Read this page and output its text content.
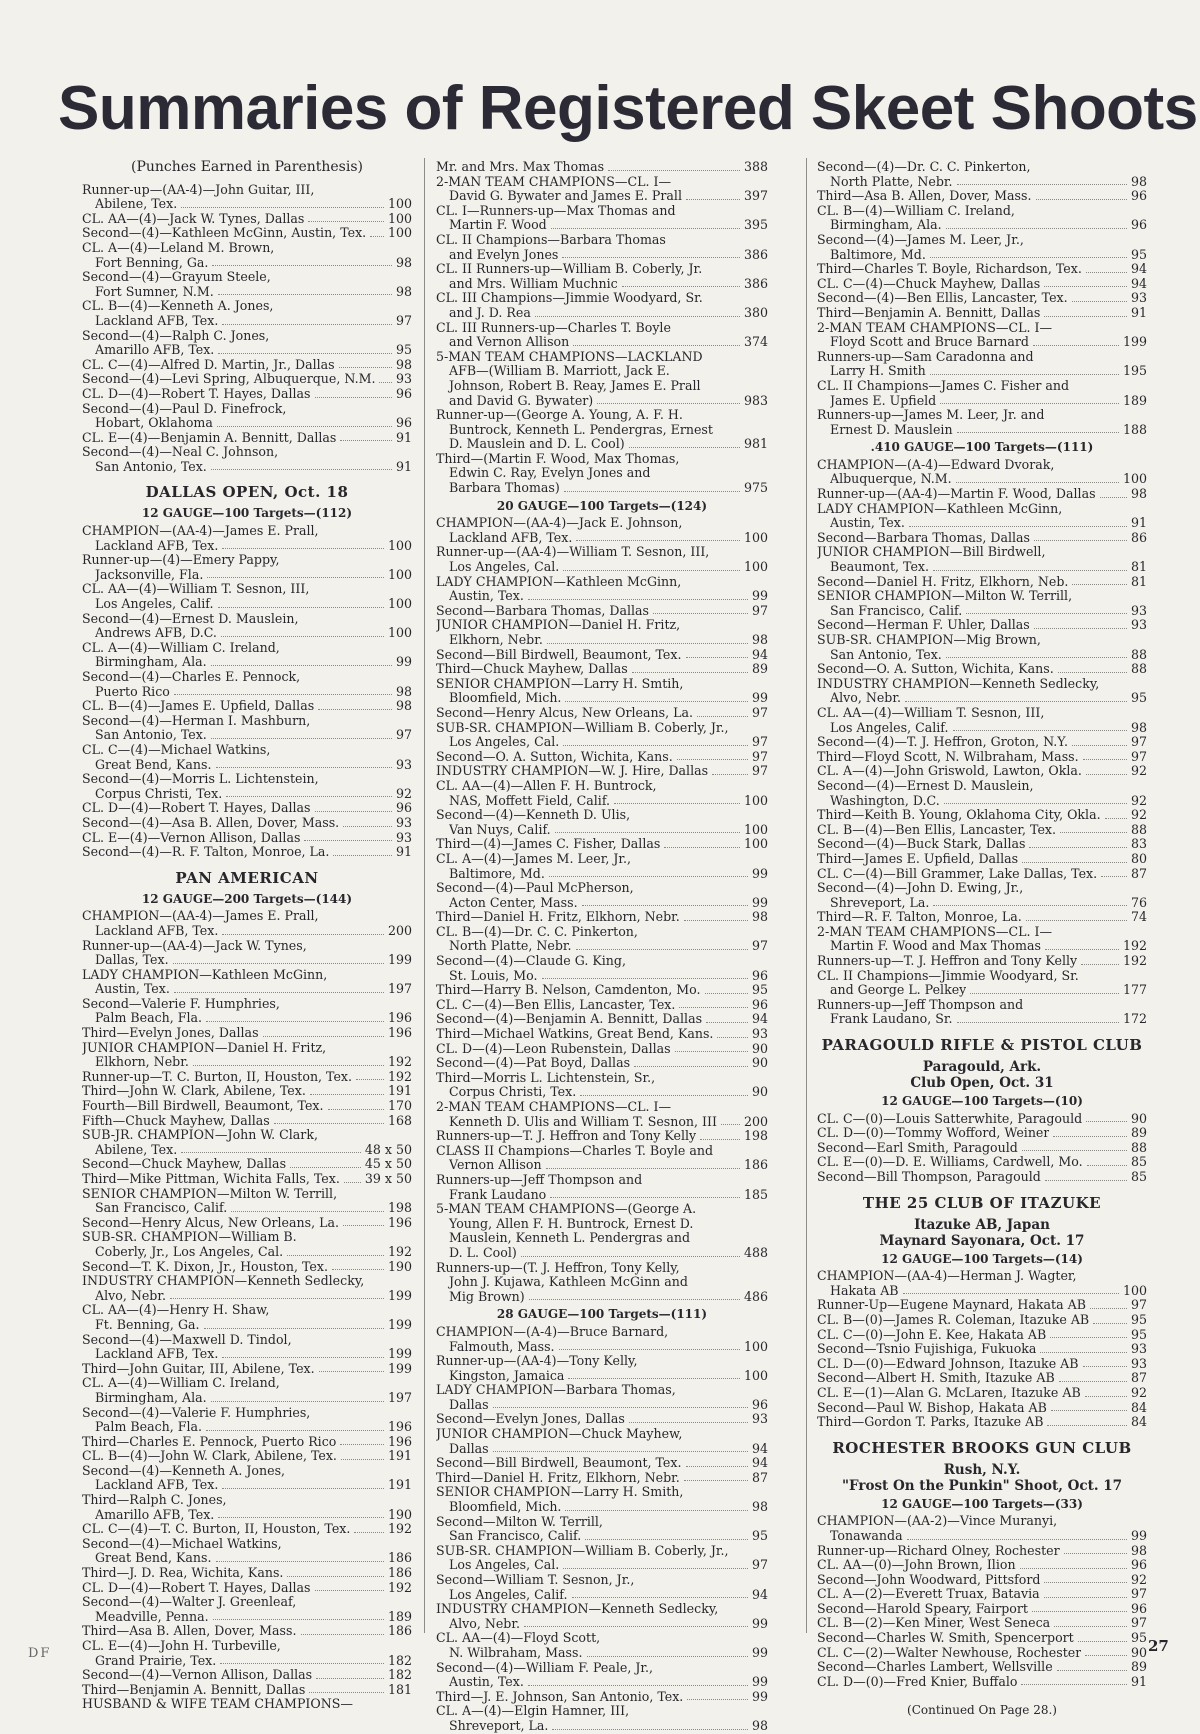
Summaries of Registered Skeet Shoots
(Punches Earned in Parenthesis)
Runner-up—(AA-4)—John Guitar, III,
Abilene, Tex.	100
CL. AA—(4)—Jack W. Tynes, Dallas	100
Second—(4)—Kathleen McGinn, Austin, Tex. 100
CL. A—(4)—Leland M. Brown,
Fort Benning, Ga.	98
Second—(4)—Grayum Steele,
Fort Sumner, N.M.	98
CL. B—(4)—Kenneth A. Jones,
Lackland AFB, Tex.	97
Second—(4)—Ralph C. Jones,
Amarillo AFB, Tex.	95
CL. C—(4)—Alfred D. Martin, Jr., Dallas	98
Second—(4)—Levi Spring, Albuquerque, N.M. 93
CL. D—(4)—Robert T. Hayes, Dallas	96
Second—(4)—Paul D. Finefrock,
Hobart, Oklahoma	96
CL. E—(4)—Benjamin A. Bennitt, Dallas	91
Second—(4)—Neal C. Johnson,
San Antonio, Tex.	91
DALLAS OPEN, Oct. 18
12 GAUGE—100 Targets—(112)
CHAMPION—(AA-4)—James E. Prall,
Lackland AFB, Tex.	100
Runner-up—(4)—Emery Pappy,
Jacksonville, Fla.	100
CL. AA—(4)—William T. Sesnon, III,
Los Angeles, Calif.	100
Second—(4)—Ernest D. Mauslein,
Andrews AFB, D.C.	100
CL. A—(4)—William C. Ireland,
Birmingham, Ala.	99
Second—(4)—Charles E. Pennock,
Puerto Rico	98
CL. B—(4)—James E. Upfield, Dallas	98
Second—(4)—Herman I. Mashburn,
San Antonio, Tex.	97
CL. C—(4)—Michael Watkins,
Great Bend, Kans.	93
Second—(4)—Morris L. Lichtenstein,
Corpus Christi, Tex.	92
CL. D—(4)—Robert T. Hayes, Dallas	96
Second—(4)—Asa B. Allen, Dover, Mass.	93
CL. E—(4)—Vernon Allison, Dallas	93
Second—(4)—R. F. Talton, Monroe, La.	91
PAN AMERICAN
12 GAUGE—200 Targets—(144)
CHAMPION—(AA-4)—James E. Prall,
Lackland AFB, Tex.	200
Runner-up—(AA-4)—Jack W. Tynes,
Dallas, Tex.	199
LADY CHAMPION—Kathleen McGinn,
Austin, Tex.	197
Second—Valerie F. Humphries,
Palm Beach, Fla.	196
Third—Evelyn Jones, Dallas	196
JUNIOR CHAMPION—Daniel H. Fritz,
Elkhorn, Nebr.	192
Runner-up—T. C. Burton, II, Houston, Tex.	192
Third—John W. Clark, Abilene, Tex.	191
Fourth—Bill Birdwell, Beaumont, Tex.	170
Fifth—Chuck Mayhew, Dallas	168
SUB-JR. CHAMPION—John W. Clark,
Abilene, Tex.	48 x 50
Second—Chuck Mayhew, Dallas	45 x 50
Third—Mike Pittman, Wichita Falls, Tex. 39 x 50
SENIOR CHAMPION—Milton W. Terrill,
San Francisco, Calif.	198
Second—Henry Alcus, New Orleans, La.	196
SUB-SR. CHAMPION—William B.
Coberly, Jr., Los Angeles, Cal.	192
Second—T. K. Dixon, Jr., Houston, Tex.	190
INDUSTRY CHAMPION—Kenneth Sedlecky,
Alvo, Nebr.	199
CL. AA—(4)—Henry H. Shaw,
Ft. Benning, Ga.	199
Second—(4)—Maxwell D. Tindol,
Lackland AFB, Tex.	199
Third—John Guitar, III, Abilene, Tex.	199
CL. A—(4)—William C. Ireland,
Birmingham, Ala.	197
Second—(4)—Valerie F. Humphries,
Palm Beach, Fla.	196
Third—Charles E. Pennock, Puerto Rico	196
CL. B—(4)—John W. Clark, Abilene, Tex.	191
Second—(4)—Kenneth A. Jones,
Lackland AFB, Tex.	191
Third—Ralph C. Jones,
Amarillo AFB, Tex.	190
CL. C—(4)—T. C. Burton, II, Houston, Tex.	192
Second—(4)—Michael Watkins,
Great Bend, Kans.	186
Third—J. D. Rea, Wichita, Kans.	186
CL. D—(4)—Robert T. Hayes, Dallas	192
Second—(4)—Walter J. Greenleaf,
Meadville, Penna.	189
Third—Asa B. Allen, Dover, Mass.	186
CL. E—(4)—John H. Turbeville,
Grand Prairie, Tex.	182
Second—(4)—Vernon Allison, Dallas	182
Third—Benjamin A. Bennitt, Dallas	181
HUSBAND & WIFE TEAM CHAMPIONS—
Mr. and Mrs. Max Thomas	388
2-MAN TEAM CHAMPIONS—CL. I—
David G. Bywater and James E. Prall	397
CL. I—Runners-up—Max Thomas and
Martin F. Wood	395
CL. II Champions—Barbara Thomas
and Evelyn Jones	386
CL. II Runners-up—William B. Coberly, Jr.
and Mrs. William Muchnic	386
CL. III Champions—Jimmie Woodyard, Sr.
and J. D. Rea	380
CL. III Runners-up—Charles T. Boyle
and Vernon Allison	374
5-MAN TEAM CHAMPIONS—LACKLAND
AFB—(William B. Marriott, Jack E.
Johnson, Robert B. Reay, James E. Prall
and David G. Bywater)	983
Runner-up—(George A. Young, A. F. H.
Buntrock, Kenneth L. Pendergras, Ernest
D. Mauslein and D. L. Cool)	981
Third—(Martin F. Wood, Max Thomas,
Edwin C. Ray, Evelyn Jones and
Barbara Thomas)	975
20 GAUGE—100 Targets—(124)
CHAMPION—(AA-4)—Jack E. Johnson,
Lackland AFB, Tex.	100
Runner-up—(AA-4)—William T. Sesnon, III,
Los Angeles, Cal.	100
LADY CHAMPION—Kathleen McGinn,
Austin, Tex.	99
Second—Barbara Thomas, Dallas	97
JUNIOR CHAMPION—Daniel H. Fritz,
Elkhorn, Nebr.	98
Second—Bill Birdwell, Beaumont, Tex.	94
Third—Chuck Mayhew, Dallas	89
SENIOR CHAMPION—Larry H. Smtih,
Bloomfield, Mich.	99
Second—Henry Alcus, New Orleans, La.	97
SUB-SR. CHAMPION—William B. Coberly, Jr.,
Los Angeles, Cal.	97
Second—O. A. Sutton, Wichita, Kans.	97
INDUSTRY CHAMPION—W. J. Hire, Dallas	97
CL. AA—(4)—Allen F. H. Buntrock,
NAS, Moffett Field, Calif.	100
Second—(4)—Kenneth D. Ulis,
Van Nuys, Calif.	100
Third—(4)—James C. Fisher, Dallas	100
CL. A—(4)—James M. Leer, Jr.,
Baltimore, Md.	99
Second—(4)—Paul McPherson,
Acton Center, Mass.	99
Third—Daniel H. Fritz, Elkhorn, Nebr.	98
CL. B—(4)—Dr. C. C. Pinkerton,
North Platte, Nebr.	97
Second—(4)—Claude G. King,
St. Louis, Mo.	96
Third—Harry B. Nelson, Camdenton, Mo.	95
CL. C—(4)—Ben Ellis, Lancaster, Tex.	96
Second—(4)—Benjamin A. Bennitt, Dallas	94
Third—Michael Watkins, Great Bend, Kans.	93
CL. D—(4)—Leon Rubenstein, Dallas	90
Second—(4)—Pat Boyd, Dallas	90
Third—Morris L. Lichtenstein, Sr.,
Corpus Christi, Tex.	90
2-MAN TEAM CHAMPIONS—CL. I—
Kenneth D. Ulis and William T. Sesnon, III 200
Runners-up—T. J. Heffron and Tony Kelly	198
CLASS II Champions—Charles T. Boyle and
Vernon Allison	186
Runners-up—Jeff Thompson and
Frank Laudano	185
5-MAN TEAM CHAMPIONS—(George A.
Young, Allen F. H. Buntrock, Ernest D.
Mauslein, Kenneth L. Pendergras and
D. L. Cool)	488
Runners-up—(T. J. Heffron, Tony Kelly,
John J. Kujawa, Kathleen McGinn and
Mig Brown)	486
28 GAUGE—100 Targets—(111)
CHAMPION—(A-4)—Bruce Barnard,
Falmouth, Mass.	100
Runner-up—(AA-4)—Tony Kelly,
Kingston, Jamaica	100
LADY CHAMPION—Barbara Thomas,
Dallas	96
Second—Evelyn Jones, Dallas	93
JUNIOR CHAMPION—Chuck Mayhew,
Dallas	94
Second—Bill Birdwell, Beaumont, Tex.	94
Third—Daniel H. Fritz, Elkhorn, Nebr.	87
SENIOR CHAMPION—Larry H. Smith,
Bloomfield, Mich.	98
Second—Milton W. Terrill,
San Francisco, Calif.	95
SUB-SR. CHAMPION—William B. Coberly, Jr.,
Los Angeles, Cal.	97
Second—William T. Sesnon, Jr.,
Los Angeles, Calif.	94
INDUSTRY CHAMPION—Kenneth Sedlecky,
Alvo, Nebr.	99
CL. AA—(4)—Floyd Scott,
N. Wilbraham, Mass.	99
Second—(4)—William F. Peale, Jr.,
Austin, Tex.	99
Third—J. E. Johnson, San Antonio, Tex.	99
CL. A—(4)—Elgin Hamner, III,
Shreveport, La.	98
Second—(4)—Dr. C. C. Pinkerton,
North Platte, Nebr.	98
Third—Asa B. Allen, Dover, Mass.	96
CL. B—(4)—William C. Ireland,
Birmingham, Ala.	96
Second—(4)—James M. Leer, Jr.,
Baltimore, Md.	95
Third—Charles T. Boyle, Richardson, Tex.	94
CL. C—(4)—Chuck Mayhew, Dallas	94
Second—(4)—Ben Ellis, Lancaster, Tex.	93
Third—Benjamin A. Bennitt, Dallas	91
2-MAN TEAM CHAMPIONS—CL. I—
Floyd Scott and Bruce Barnard	199
Runners-up—Sam Caradonna and
Larry H. Smith	195
CL. II Champions—James C. Fisher and
James E. Upfield	189
Runners-up—James M. Leer, Jr. and
Ernest D. Mauslein	188
.410 GAUGE—100 Targets—(111)
CHAMPION—(A-4)—Edward Dvorak,
Albuquerque, N.M.	100
Runner-up—(AA-4)—Martin F. Wood, Dallas	98
LADY CHAMPION—Kathleen McGinn,
Austin, Tex.	91
Second—Barbara Thomas, Dallas	86
JUNIOR CHAMPION—Bill Birdwell,
Beaumont, Tex.	81
Second—Daniel H. Fritz, Elkhorn, Neb.	81
SENIOR CHAMPION—Milton W. Terrill,
San Francisco, Calif.	93
Second—Herman F. Uhler, Dallas	93
SUB-SR. CHAMPION—Mig Brown,
San Antonio, Tex.	88
Second—O. A. Sutton, Wichita, Kans.	88
INDUSTRY CHAMPION—Kenneth Sedlecky,
Alvo, Nebr.	95
CL. AA—(4)—William T. Sesnon, III,
Los Angeles, Calif.	98
Second—(4)—T. J. Heffron, Groton, N.Y.	97
Third—Floyd Scott, N. Wilbraham, Mass.	97
CL. A—(4)—John Griswold, Lawton, Okla.	92
Second—(4)—Ernest D. Mauslein,
Washington, D.C.	92
Third—Keith B. Young, Oklahoma City, Okla. 92
CL. B—(4)—Ben Ellis, Lancaster, Tex.	88
Second—(4)—Buck Stark, Dallas	83
Third—James E. Upfield, Dallas	80
CL. C—(4)—Bill Grammer, Lake Dallas, Tex.	87
Second—(4)—John D. Ewing, Jr.,
Shreveport, La.	76
Third—R. F. Talton, Monroe, La.	74
2-MAN TEAM CHAMPIONS—CL. I—
Martin F. Wood and Max Thomas	192
Runners-up—T. J. Heffron and Tony Kelly	192
CL. II Champions—Jimmie Woodyard, Sr.
and George L. Pelkey	177
Runners-up—Jeff Thompson and
Frank Laudano, Sr.	172
PARAGOULD RIFLE & PISTOL CLUB
Paragould, Ark.
Club Open, Oct. 31
12 GAUGE—100 Targets—(10)
CL. C—(0)—Louis Satterwhite, Paragould	90
CL. D—(0)—Tommy Wofford, Weiner	89
Second—Earl Smith, Paragould	88
CL. E—(0)—D. E. Williams, Cardwell, Mo.	85
Second—Bill Thompson, Paragould	85
THE 25 CLUB OF ITAZUKE
Itazuke AB, Japan
Maynard Sayonara, Oct. 17
12 GAUGE—100 Targets—(14)
CHAMPION—(AA-4)—Herman J. Wagter,
Hakata AB	100
Runner-Up—Eugene Maynard, Hakata AB	97
CL. B—(0)—James R. Coleman, Itazuke AB	95
CL. C—(0)—John E. Kee, Hakata AB	95
Second—Tsnio Fujishiga, Fukuoka	93
CL. D—(0)—Edward Johnson, Itazuke AB	93
Second—Albert H. Smith, Itazuke AB	87
CL. E—(1)—Alan G. McLaren, Itazuke AB	92
Second—Paul W. Bishop, Hakata AB	84
Third—Gordon T. Parks, Itazuke AB	84
ROCHESTER BROOKS GUN CLUB
Rush, N.Y.
"Frost On the Punkin" Shoot, Oct. 17
12 GAUGE—100 Targets—(33)
CHAMPION—(AA-2)—Vince Muranyi,
Tonawanda	99
Runner-up—Richard Olney, Rochester	98
CL. AA—(0)—John Brown, Ilion	96
Second—John Woodward, Pittsford	92
CL. A—(2)—Everett Truax, Batavia	97
Second—Harold Speary, Fairport	96
CL. B—(2)—Ken Miner, West Seneca	97
Second—Charles W. Smith, Spencerport	95
CL. C—(2)—Walter Newhouse, Rochester	90
Second—Charles Lambert, Wellsville	89
CL. D—(0)—Fred Knier, Buffalo	91
(Continued On Page 28.)
27
DF
